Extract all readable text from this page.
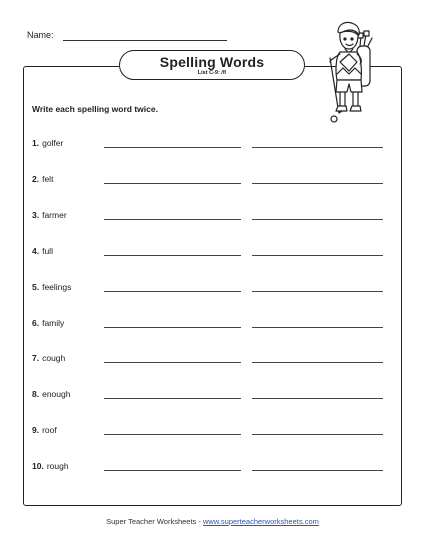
Name:
Spelling Words
List C-9: /f/
Write each spelling word twice.
1. golfer
2. felt
3. farmer
4. full
5. feelings
6. family
7. cough
8. enough
9. roof
10. rough
Super Teacher Worksheets - www.superteacherworksheets.com
